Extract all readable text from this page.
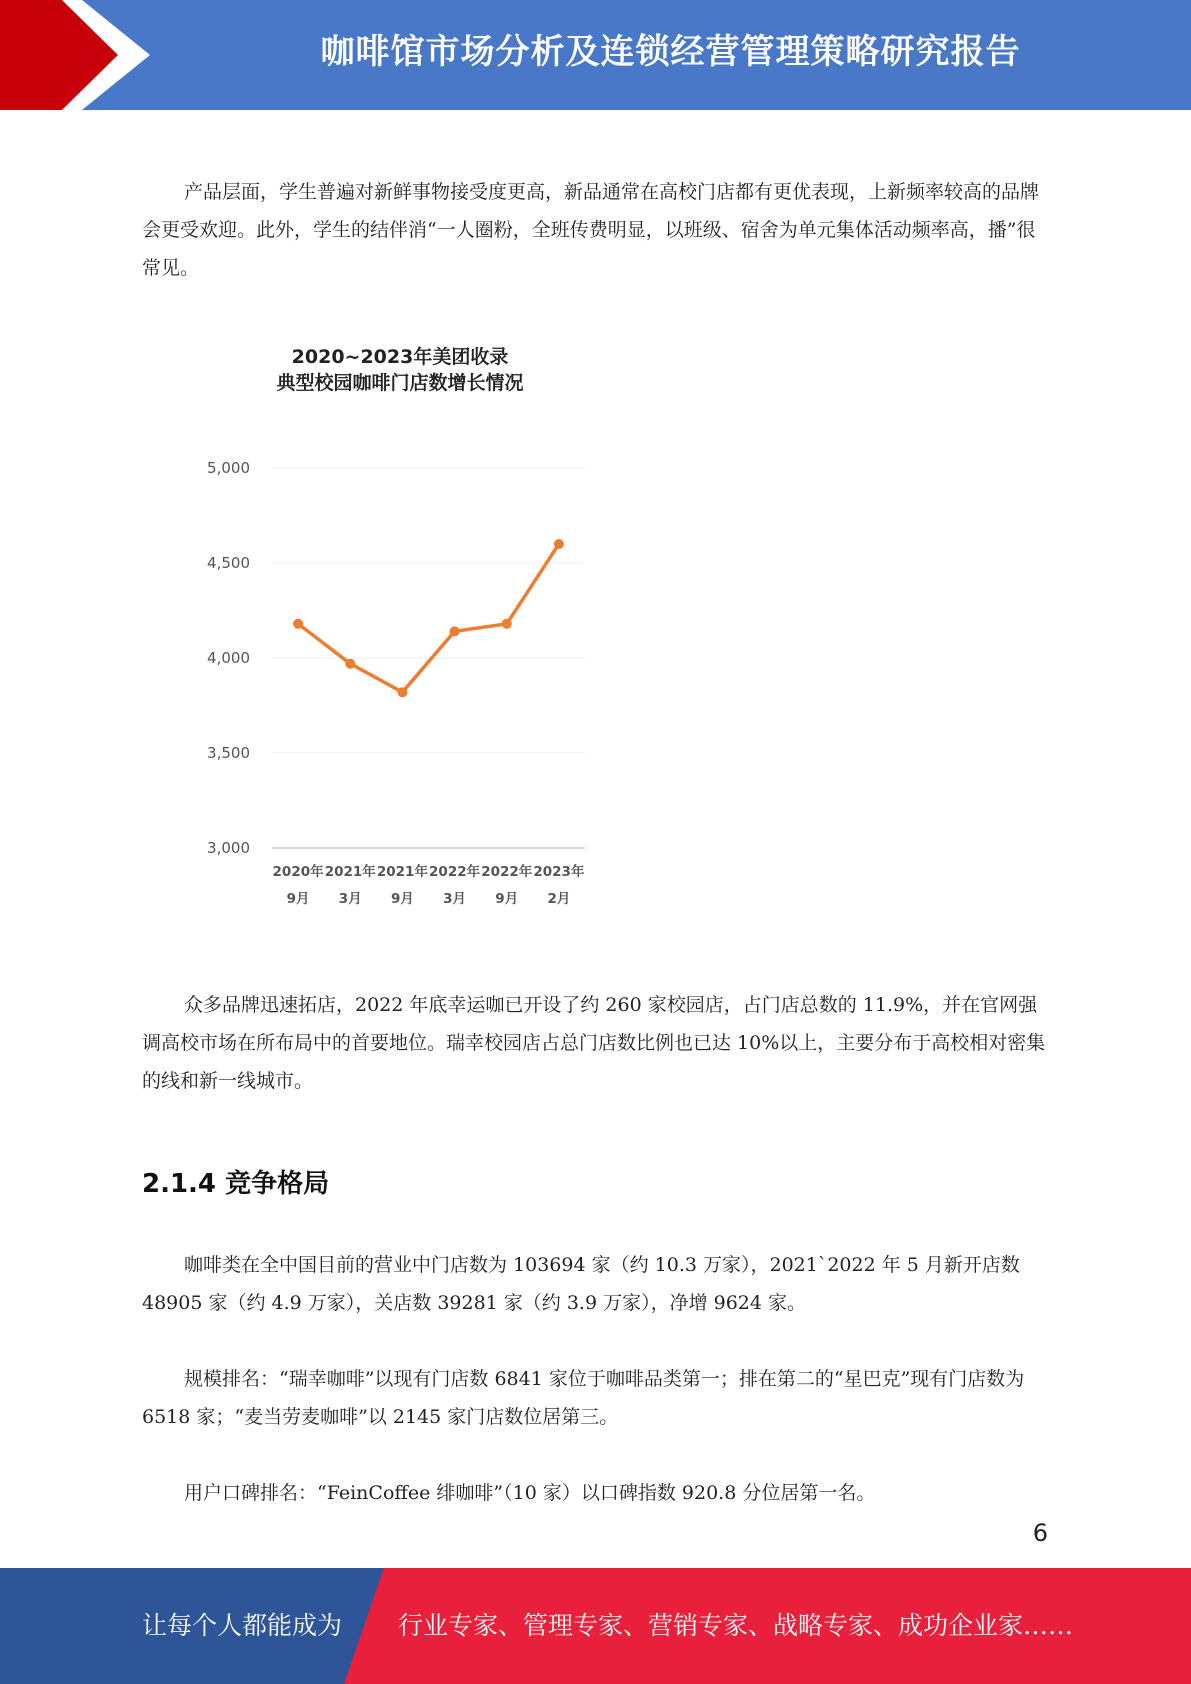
咖啡馆市场分析及连锁经营管理策略研究报告
产品层面，学生普遍对新鲜事物接受度更高，新品通常在高校门店都有更优表现，上新频率较高的品牌会更受欢迎。此外，学生的结伴消“一人圈粉，全班传费明显，以班级、宿舍为单元集体活动频率高，播”很常见。
2020~2023年美团收录
典型校园咖啡门店数增长情况
3,000
3,500
4,000
4,500
5,000
2020年
9月
2021年
3月
2021年
9月
2022年
3月
2022年
9月
2023年
2月
众多品牌迅速拓店，2022 年底幸运咖已开设了约 260 家校园店，占门店总数的 11.9%，并在官网强调高校市场在所布局中的首要地位。瑞幸校园店占总门店数比例也已达 10%以上，主要分布于高校相对密集的线和新一线城市。
2.1.4 竞争格局
咖啡类在全中国目前的营业中门店数为 103694 家（约 10.3 万家），2021`2022 年 5 月新开店数 48905 家（约 4.9 万家），关店数 39281 家（约 3.9 万家），净增 9624 家。
规模排名：“瑞幸咖啡”以现有门店数 6841 家位于咖啡品类第一；排在第二的“星巴克”现有门店数为 6518 家；“麦当劳麦咖啡”以 2145 家门店数位居第三。
用户口碑排名：“FeinCoffee 绯咖啡”（10 家）以口碑指数 920.8 分位居第一名。
6
让每个人都能成为 行业专家、管理专家、营销专家、战略专家、成功企业家……
